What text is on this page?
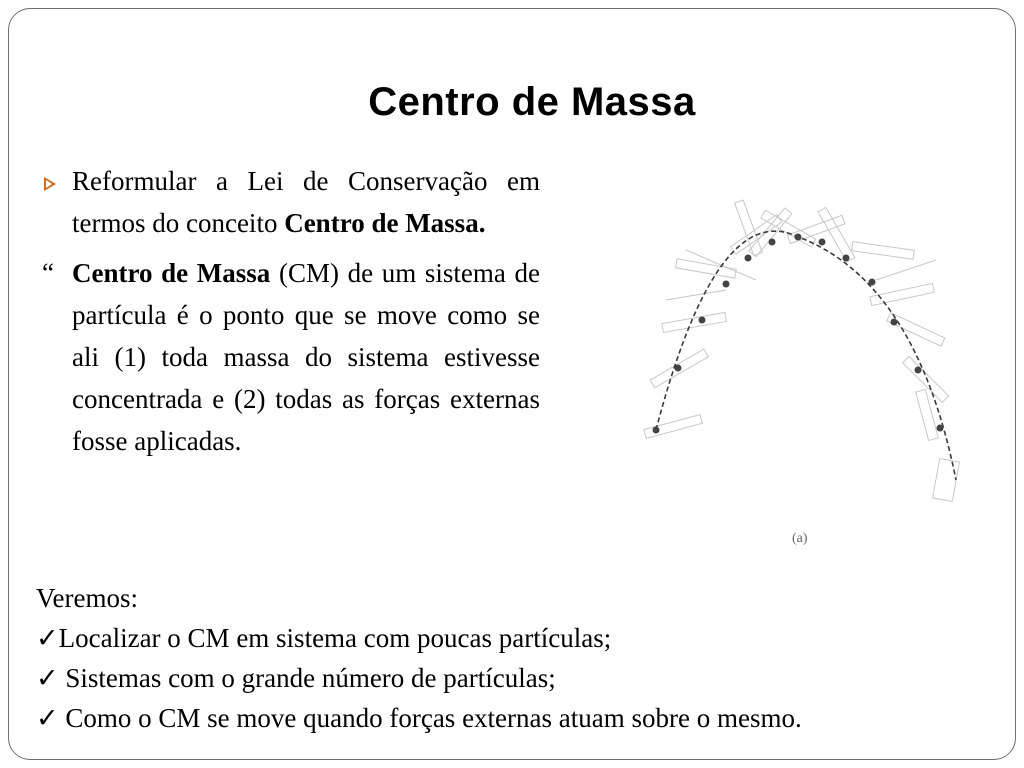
Centro de Massa

Reformular a Lei de Conservação em termos do conceito Centro de Massa.

“ Centro de Massa (CM) de um sistema de partícula é o ponto que se move como se ali (1) toda massa do sistema estivesse concentrada e (2) todas as forças externas fosse aplicadas.

(a)
Veremos:
✓Localizar o CM em sistema com poucas partículas;
✓ Sistemas com o grande número de partículas;
✓ Como o CM se move quando forças externas atuam sobre o mesmo.
